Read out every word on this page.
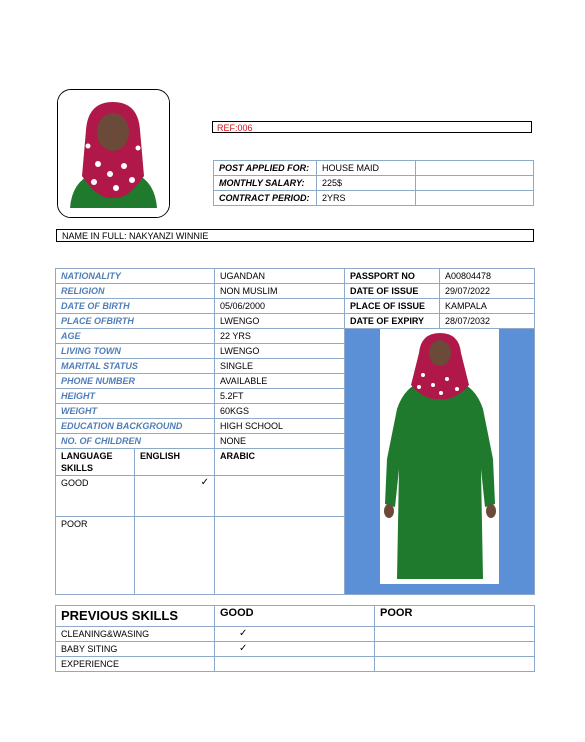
REF:006
POST APPLIED FOR:	HOUSE MAID	
MONTHLY SALARY:	225$	
CONTRACT PERIOD:	2YRS	
NAME IN FULL: NAKYANZI WINNIE
NATIONALITY		UGANDAN	PASSPORT NO	A00804478
RELIGION		NON MUSLIM	DATE OF ISSUE	29/07/2022
DATE OF BIRTH		05/06/2000	PLACE OF ISSUE	KAMPALA
PLACE OFBIRTH		LWENGO	DATE OF EXPIRY	28/07/2032
AGE		22 YRS	

LIVING TOWN		LWENGO		
MARITAL STATUS		SINGLE		
PHONE NUMBER		AVAILABLE		
HEIGHT		5.2FT		
WEIGHT		60KGS		
EDUCATION BACKGROUND		HIGH SCHOOL		
NO. OF CHILDREN		NONE		
LANGUAGE SKILLS	ENGLISH	ARABIC		
GOOD	✓			
POOR				
PREVIOUS SKILLS	GOOD	POOR
CLEANING&WASING	✓	
BABY SITING	✓	
EXPERIENCE		
